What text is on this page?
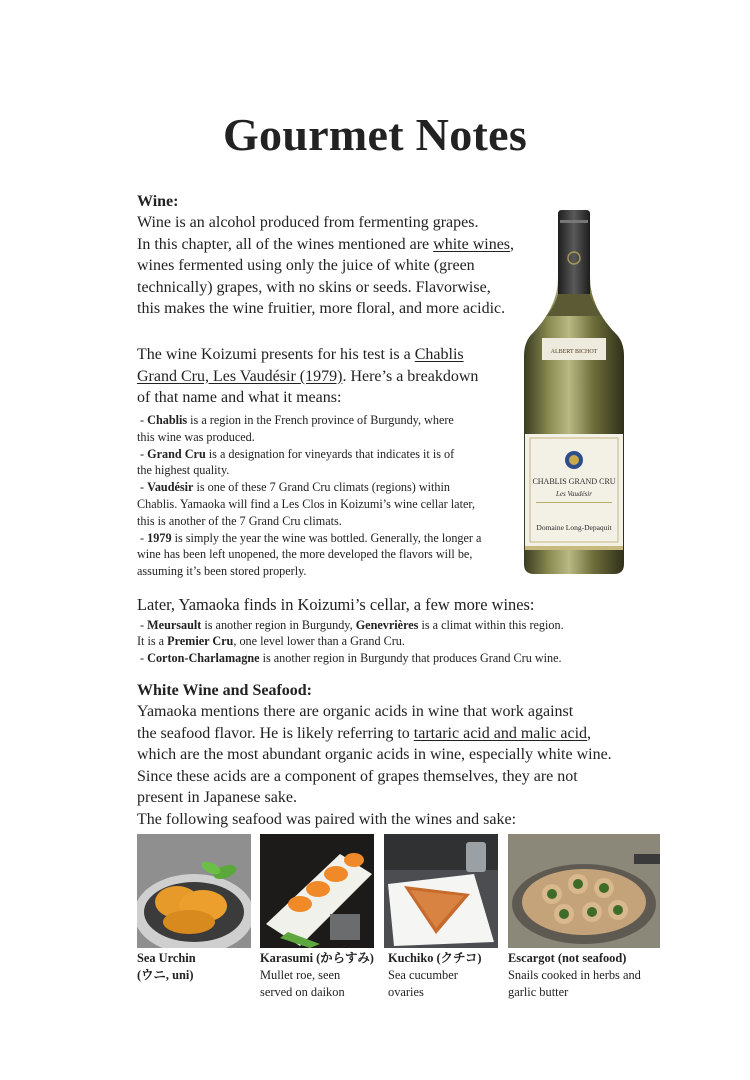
Gourmet Notes
Wine:
Wine is an alcohol produced from fermenting grapes.
In this chapter, all of the wines mentioned are white wines,
wines fermented using only the juice of white (green
technically) grapes, with no skins or seeds. Flavorwise,
this makes the wine fruitier, more floral, and more acidic.
The wine Koizumi presents for his test is a Chablis
Grand Cru, Les Vaudésir (1979). Here’s a breakdown
of that name and what it means:
- Chablis is a region in the French province of Burgundy, where
this wine was produced.
- Grand Cru is a designation for vineyards that indicates it is of
the highest quality.
- Vaudésir is one of these 7 Grand Cru climats (regions) within
Chablis. Yamaoka will find a Les Clos in Koizumi’s wine cellar later,
this is another of the 7 Grand Cru climats.
- 1979 is simply the year the wine was bottled. Generally, the longer a
wine has been left unopened, the more developed the flavors will be,
assuming it’s been stored properly.
ALBERT BICHOT
CHABLIS GRAND CRU
Les Vaudésir
Domaine Long-Depaquit
Later, Yamaoka finds in Koizumi’s cellar, a few more wines:
- Meursault is another region in Burgundy, Genevrières is a climat within this region.
It is a Premier Cru, one level lower than a Grand Cru.
- Corton-Charlamagne is another region in Burgundy that produces Grand Cru wine.
White Wine and Seafood:
Yamaoka mentions there are organic acids in wine that work against
the seafood flavor. He is likely referring to tartaric acid and malic acid,
which are the most abundant organic acids in wine, especially white wine.
Since these acids are a component of grapes themselves, they are not
present in Japanese sake.
The following seafood was paired with the wines and sake:
Sea Urchin
(ウニ, uni)
Karasumi (からすみ)
Mullet roe, seen
served on daikon
Kuchiko (クチコ)
Sea cucumber
ovaries
Escargot (not seafood)
Snails cooked in herbs and
garlic butter
